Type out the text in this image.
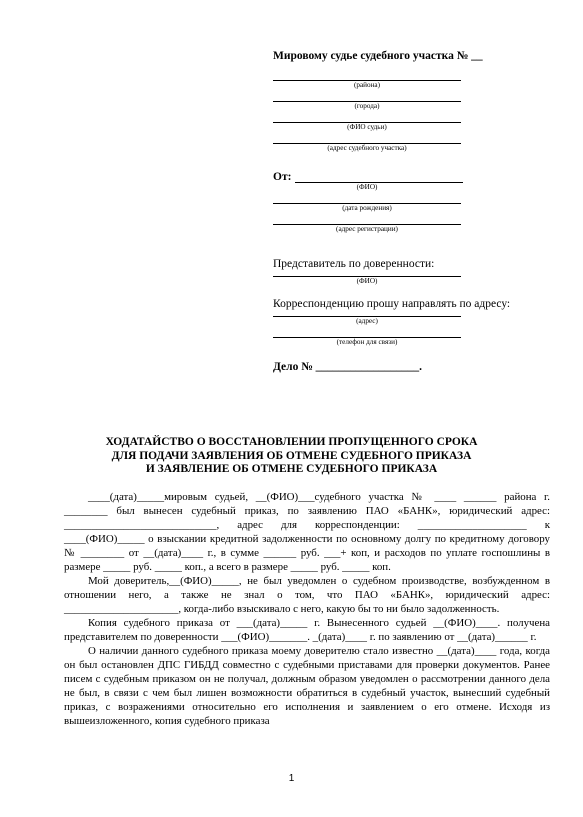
Мировому судье судебного участка № __

(района)
(города)
(ФИО судьи)
(адрес судебного участка)
От:
(ФИО)
(дата рождения)
(адрес регистрации)
Представитель по доверенности:
(ФИО)
Корреспонденцию прошу направлять по адресу:
(адрес)
(телефон для связи)
Дело № __________________.
ХОДАТАЙСТВО О ВОССТАНОВЛЕНИИ ПРОПУЩЕННОГО СРОКА
ДЛЯ ПОДАЧИ ЗАЯВЛЕНИЯ ОБ ОТМЕНЕ СУДЕБНОГО ПРИКАЗА
И ЗАЯВЛЕНИЕ ОБ ОТМЕНЕ СУДЕБНОГО ПРИКАЗА

____(дата)_____мировым судьей, __(ФИО)___судебного участка № ____ ______ района г. ________ был вынесен судебный приказ, по заявлению ПАО «БАНК», юридический адрес: ____________________________, адрес для корреспонденции: ____________________ к ____(ФИО)_____ о взыскании кредитной задолженности по основному долгу по кредитному договору № ________ от __(дата)____ г., в сумме ______ руб. ___+ коп, и расходов по уплате госпошлины в размере _____ руб. _____ коп., а всего в размере _____ руб. _____ коп.

Мой доверитель,__(ФИО)_____, не был уведомлен о судебном производстве, возбужденном в отношении него, а также не знал о том, что ПАО «БАНК», юридический адрес: _____________________, когда-либо взыскивало с него, какую бы то ни было задолженность.

Копия судебного приказа от ___(дата)_____ г. Вынесенного судьей __(ФИО)____. получена представителем по доверенности ___(ФИО)_______. _(дата)____ г. по заявлению от __(дата)______ г.

О наличии данного судебного приказа моему доверителю стало известно __(дата)____ года, когда он был остановлен ДПС ГИБДД совместно с судебными приставами для проверки документов. Ранее писем с судебным приказом он не получал, должным образом уведомлен о рассмотрении данного дела не был, в связи с чем был лишен возможности обратиться в судебный участок, вынесший судебный приказ, с возражениями относительно его исполнения и заявлением о его отмене. Исходя из вышеизложенного, копия судебного приказа

1
